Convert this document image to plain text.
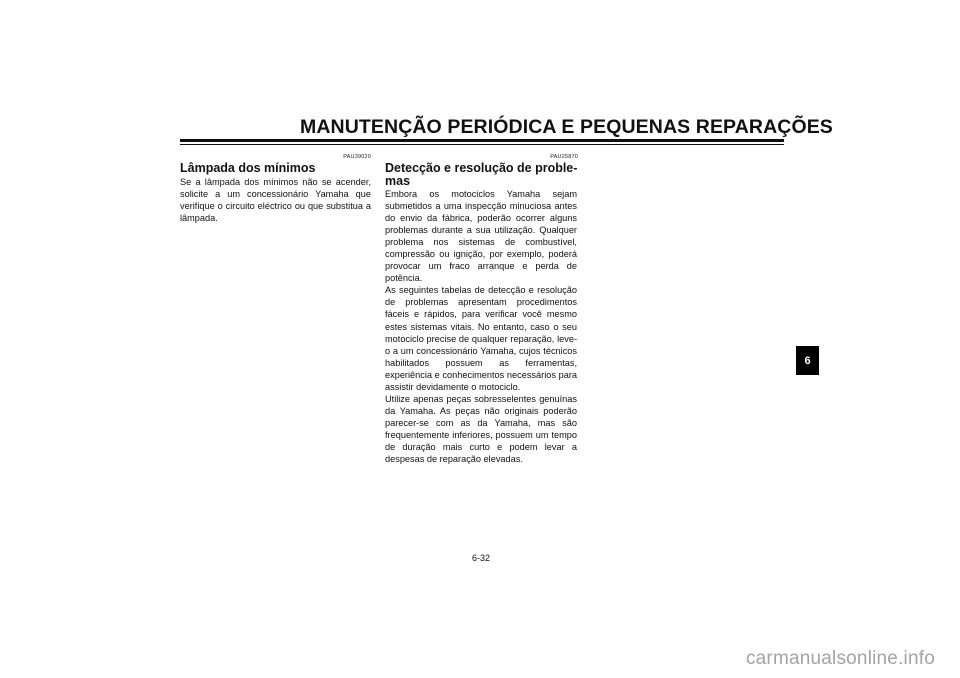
MANUTENÇÃO PERIÓDICA E PEQUENAS REPARAÇÕES
PAU39020
Lâmpada dos mínimos

Se a lâmpada dos mínimos não se acender, solicite a um concessionário Yamaha que verifique o circuito eléctrico ou que substitua a lâmpada.

PAU25870
Detecção e resolução de proble-
mas

Embora os motociclos Yamaha sejam submetidos a uma inspecção minuciosa antes do envio da fábrica, poderão ocorrer alguns problemas durante a sua utilização. Qualquer problema nos sistemas de combustível, compressão ou ignição, por exemplo, poderá provocar um fraco arranque e perda de potência.

As seguintes tabelas de detecção e resolução de problemas apresentam procedimentos fáceis e rápidos, para verificar você mesmo estes sistemas vitais. No entanto, caso o seu motociclo precise de qualquer reparação, leve-o a um concessionário Yamaha, cujos técnicos habilitados possuem as ferramentas, experiência e conhecimentos necessários para assistir devidamente o motociclo.

Utilize apenas peças sobresselentes genuínas da Yamaha. As peças não originais poderão parecer-se com as da Yamaha, mas são frequentemente inferiores, possuem um tempo de duração mais curto e podem levar a despesas de reparação elevadas.

6
6-32
carmanualsonline.info
